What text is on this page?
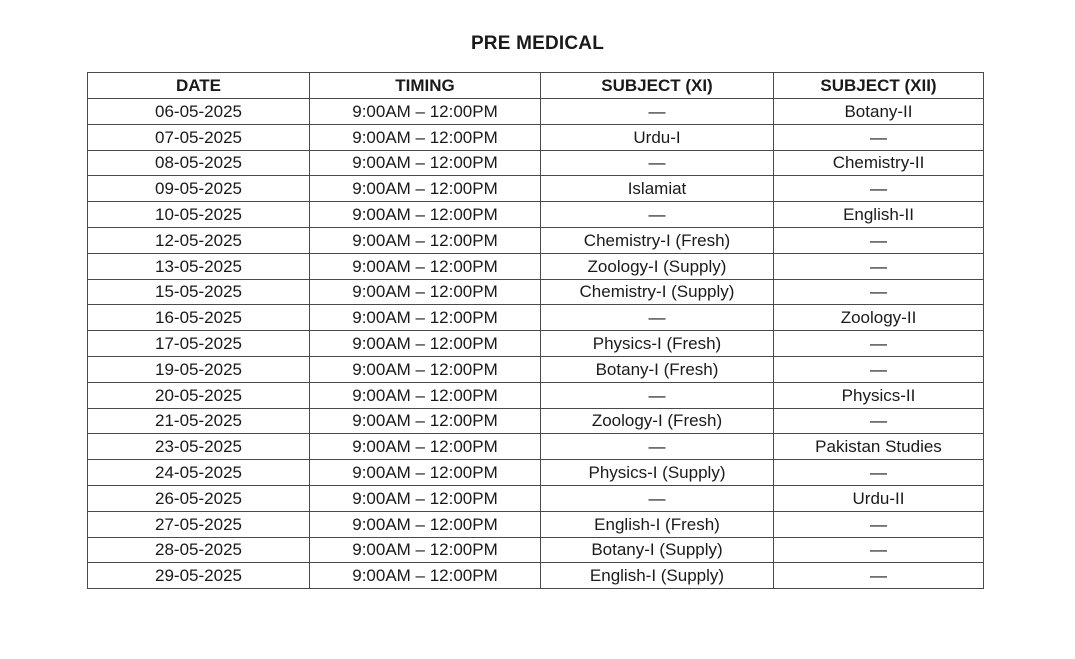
PRE MEDICAL
DATE	TIMING	SUBJECT (XI)	SUBJECT (XII)
06-05-2025	9:00AM – 12:00PM	—	Botany-II
07-05-2025	9:00AM – 12:00PM	Urdu-I	—
08-05-2025	9:00AM – 12:00PM	—	Chemistry-II
09-05-2025	9:00AM – 12:00PM	Islamiat	—
10-05-2025	9:00AM – 12:00PM	—	English-II
12-05-2025	9:00AM – 12:00PM	Chemistry-I (Fresh)	—
13-05-2025	9:00AM – 12:00PM	Zoology-I (Supply)	—
15-05-2025	9:00AM – 12:00PM	Chemistry-I (Supply)	—
16-05-2025	9:00AM – 12:00PM	—	Zoology-II
17-05-2025	9:00AM – 12:00PM	Physics-I (Fresh)	—
19-05-2025	9:00AM – 12:00PM	Botany-I (Fresh)	—
20-05-2025	9:00AM – 12:00PM	—	Physics-II
21-05-2025	9:00AM – 12:00PM	Zoology-I (Fresh)	—
23-05-2025	9:00AM – 12:00PM	—	Pakistan Studies
24-05-2025	9:00AM – 12:00PM	Physics-I (Supply)	—
26-05-2025	9:00AM – 12:00PM	—	Urdu-II
27-05-2025	9:00AM – 12:00PM	English-I (Fresh)	—
28-05-2025	9:00AM – 12:00PM	Botany-I (Supply)	—
29-05-2025	9:00AM – 12:00PM	English-I (Supply)	—
